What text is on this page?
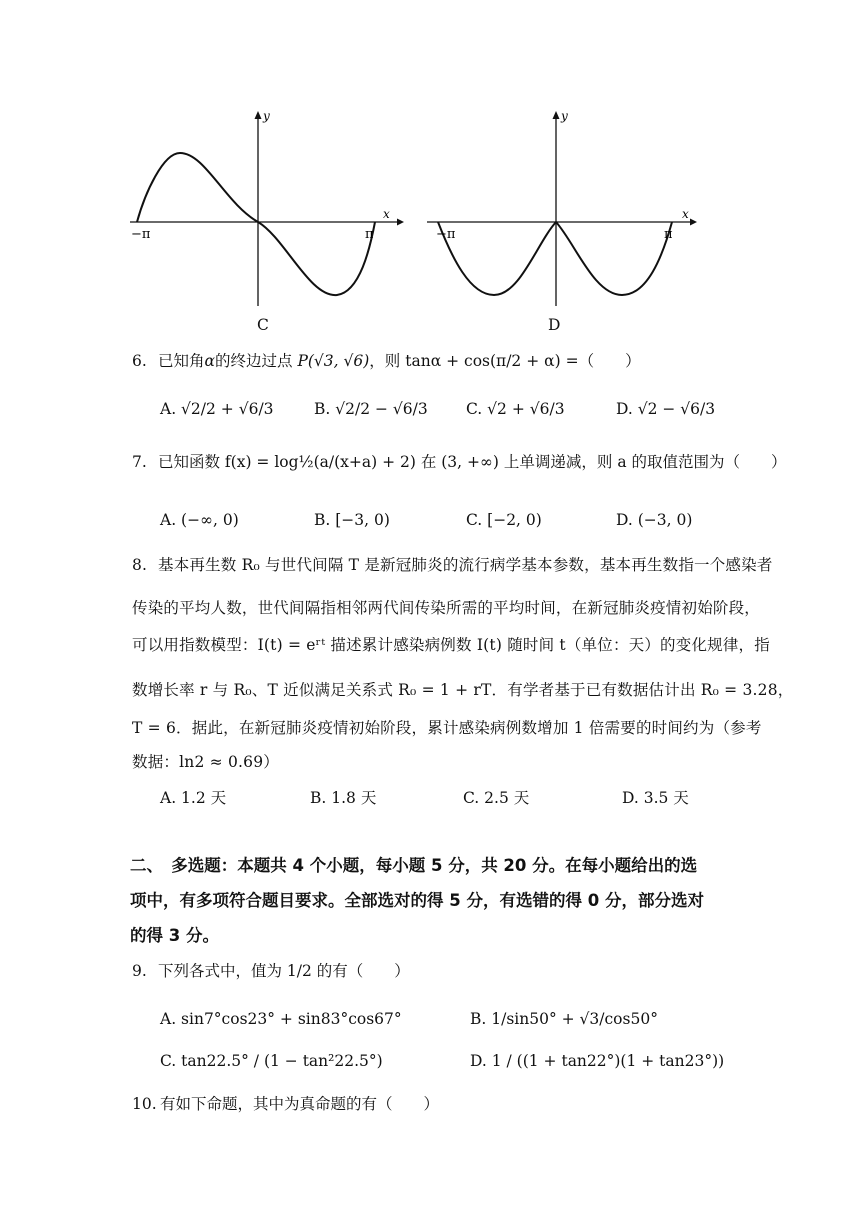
x
y
−π	π
x
y
−π	π
C	D
6. 已知角α的终边过点 P(√3, √6)，则 tanα + cos(π/2 + α) =（　　）
A. √2/2 + √6/3	B. √2/2 − √6/3 C. √2 + √6/3	D. √2 − √6/3
7. 已知函数 f(x) = log½(a/(x+a) + 2) 在 (3, +∞) 上单调递减，则 a 的取值范围为（　　）
A. (−∞, 0)	B. [−3, 0)	C. [−2, 0)	D. (−3, 0)
8. 基本再生数 R₀ 与世代间隔 T 是新冠肺炎的流行病学基本参数，基本再生数指一个感染者
传染的平均人数，世代间隔指相邻两代间传染所需的平均时间，在新冠肺炎疫情初始阶段，
可以用指数模型：I(t) = eʳᵗ 描述累计感染病例数 I(t) 随时间 t（单位：天）的变化规律，指
数增长率 r 与 R₀、T 近似满足关系式 R₀ = 1 + rT．有学者基于已有数据估计出 R₀ = 3.28，
T = 6．据此，在新冠肺炎疫情初始阶段，累计感染病例数增加 1 倍需要的时间约为（参考
数据：ln2 ≈ 0.69）
A. 1.2 天	B. 1.8 天	C. 2.5 天	D. 3.5 天
二、　多选题：本题共 4 个小题，每小题 5 分，共 20 分。在每小题给出的选
项中，有多项符合题目要求。全部选对的得 5 分，有选错的得 0 分，部分选对
的得 3 分。
9. 下列各式中，值为 1/2 的有（　　）
A. sin7°cos23° + sin83°cos67°	B. 1/sin50° + √3/cos50°
C. tan22.5° / (1 − tan²22.5°)	D. 1 / ((1 + tan22°)(1 + tan23°))
10. 有如下命题，其中为真命题的有（　　）
